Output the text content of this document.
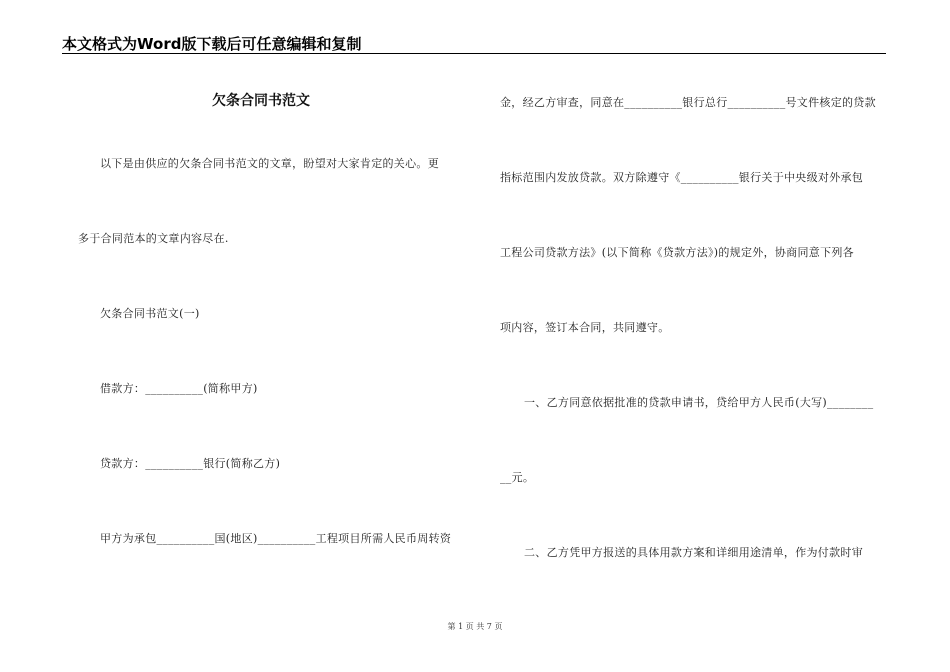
本文格式为Word版下载后可任意编辑和复制
欠条合同书范文
以下是由供应的欠条合同书范文的文章，盼望对大家肯定的关心。更
多于合同范本的文章内容尽在.
欠条合同书范文(一)
借款方：__________(简称甲方)
贷款方：__________银行(简称乙方)
甲方为承包__________国(地区)__________工程项目所需人民币周转资
金，经乙方审查，同意在__________银行总行__________号文件核定的贷款
指标范围内发放贷款。双方除遵守《__________银行关于中央级对外承包
工程公司贷款方法》(以下简称《贷款方法》)的规定外，协商同意下列各
项内容，签订本合同，共同遵守。
一、乙方同意依据批准的贷款申请书，贷给甲方人民币(大写)________
__元。
二、乙方凭甲方报送的具体用款方案和详细用途清单，作为付款时审
第 1 页 共 7 页
